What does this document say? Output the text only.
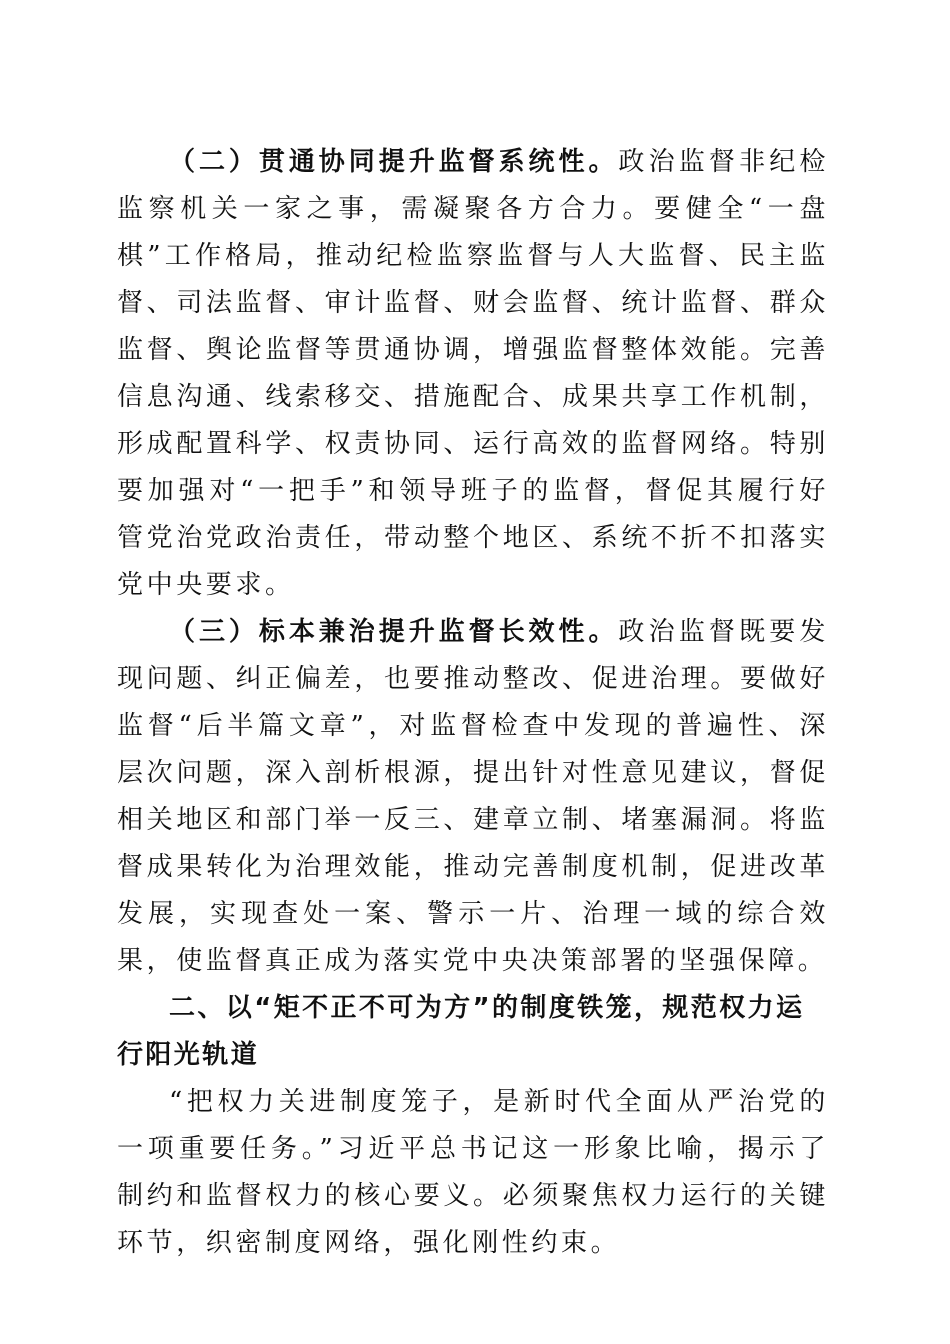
（二）贯通协同提升监督系统性。政治监督非纪检监察机关一家之事，需凝聚各方合力。要健全“一盘棋”工作格局，推动纪检监察监督与人大监督、民主监督、司法监督、审计监督、财会监督、统计监督、群众监督、舆论监督等贯通协调，增强监督整体效能。完善信息沟通、线索移交、措施配合、成果共享工作机制，形成配置科学、权责协同、运行高效的监督网络。特别要加强对“一把手”和领导班子的监督，督促其履行好管党治党政治责任，带动整个地区、系统不折不扣落实党中央要求。

（三）标本兼治提升监督长效性。政治监督既要发现问题、纠正偏差，也要推动整改、促进治理。要做好监督“后半篇文章”，对监督检查中发现的普遍性、深层次问题，深入剖析根源，提出针对性意见建议，督促相关地区和部门举一反三、建章立制、堵塞漏洞。将监督成果转化为治理效能，推动完善制度机制，促进改革发展，实现查处一案、警示一片、治理一域的综合效果，使监督真正成为落实党中央决策部署的坚强保障。

二、以“矩不正不可为方”的制度铁笼，规范权力运行阳光轨道

“把权力关进制度笼子，是新时代全面从严治党的一项重要任务。”习近平总书记这一形象比喻，揭示了制约和监督权力的核心要义。必须聚焦权力运行的关键环节，织密制度网络，强化刚性约束。
